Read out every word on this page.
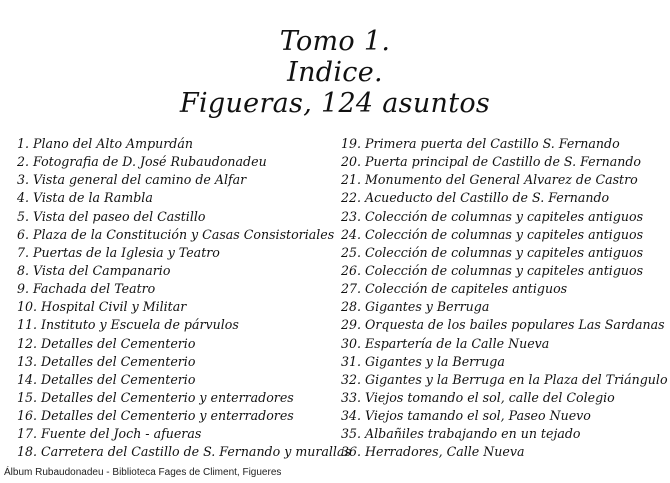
Tomo 1.
Indice.
Figueras, 124 asuntos
1. Plano del Alto Ampurdán
2. Fotografia de D. José Rubaudonadeu
3. Vista general del camino de Alfar
4. Vista de la Rambla
5. Vista del paseo del Castillo
6. Plaza de la Constitución y Casas Consistoriales
7. Puertas de la Iglesia y Teatro
8. Vista del Campanario
9. Fachada del Teatro
10. Hospital Civil y Militar
11. Instituto y Escuela de párvulos
12. Detalles del Cementerio
13. Detalles del Cementerio
14. Detalles del Cementerio
15. Detalles del Cementerio y enterradores
16. Detalles del Cementerio y enterradores
17. Fuente del Joch - afueras
18. Carretera del Castillo de S. Fernando y murallas
19. Primera puerta del Castillo S. Fernando
20. Puerta principal de Castillo de S. Fernando
21. Monumento del General Alvarez de Castro
22. Acueducto del Castillo de S. Fernando
23. Colección de columnas y capiteles antiguos
24. Colección de columnas y capiteles antiguos
25. Colección de columnas y capiteles antiguos
26. Colección de columnas y capiteles antiguos
27. Colección de capiteles antiguos
28. Gigantes y Berruga
29. Orquesta de los bailes populares Las Sardanas
30. Espartería de la Calle Nueva
31. Gigantes y la Berruga
32. Gigantes y la Berruga en la Plaza del Triángulo
33. Viejos tomando el sol, calle del Colegio
34. Viejos tamando el sol, Paseo Nuevo
35. Albañiles trabajando en un tejado
36. Herradores, Calle Nueva
Álbum Rubaudonadeu - Biblioteca Fages de Climent, Figueres
